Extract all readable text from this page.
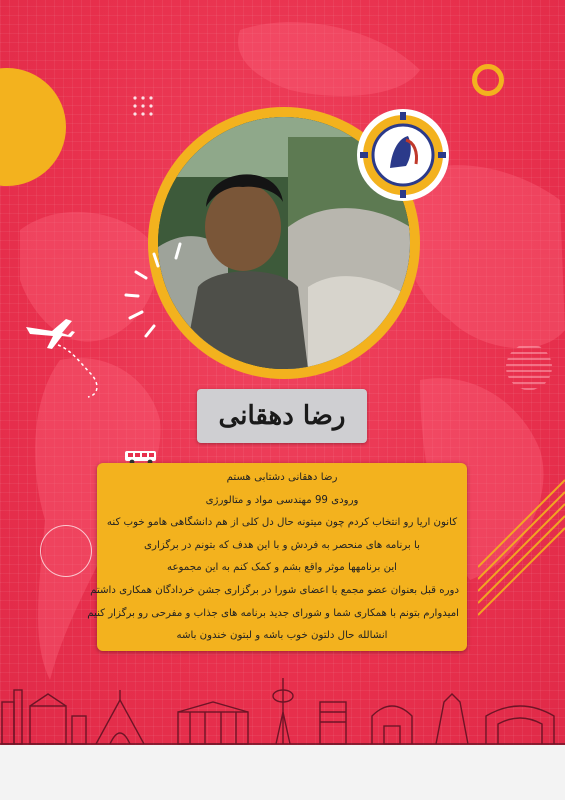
رضا دهقانی
رضا دهقانی دشتابی هستم
ورودی 99 مهندسی مواد و متالورژی
کانون اریا رو انتخاب کردم چون میتونه حال دل کلی از هم دانشگاهی هامو خوب کنه
با برنامه های منحصر به فردش و با این هدف که بتونم در برگزاری
این برنامهها موثر واقع بشم و کمک کنم به این مجموعه
دوره قبل بعنوان عضو مجمع با اعضای شورا در برگزاری جشن خردادگان همکاری داشتم
امیدوارم بتونم با همکاری شما و شورای جدید برنامه های جذاب و مفرحی رو برگزار کنیم
انشالله حال دلتون خوب باشه و لبتون خندون باشه
